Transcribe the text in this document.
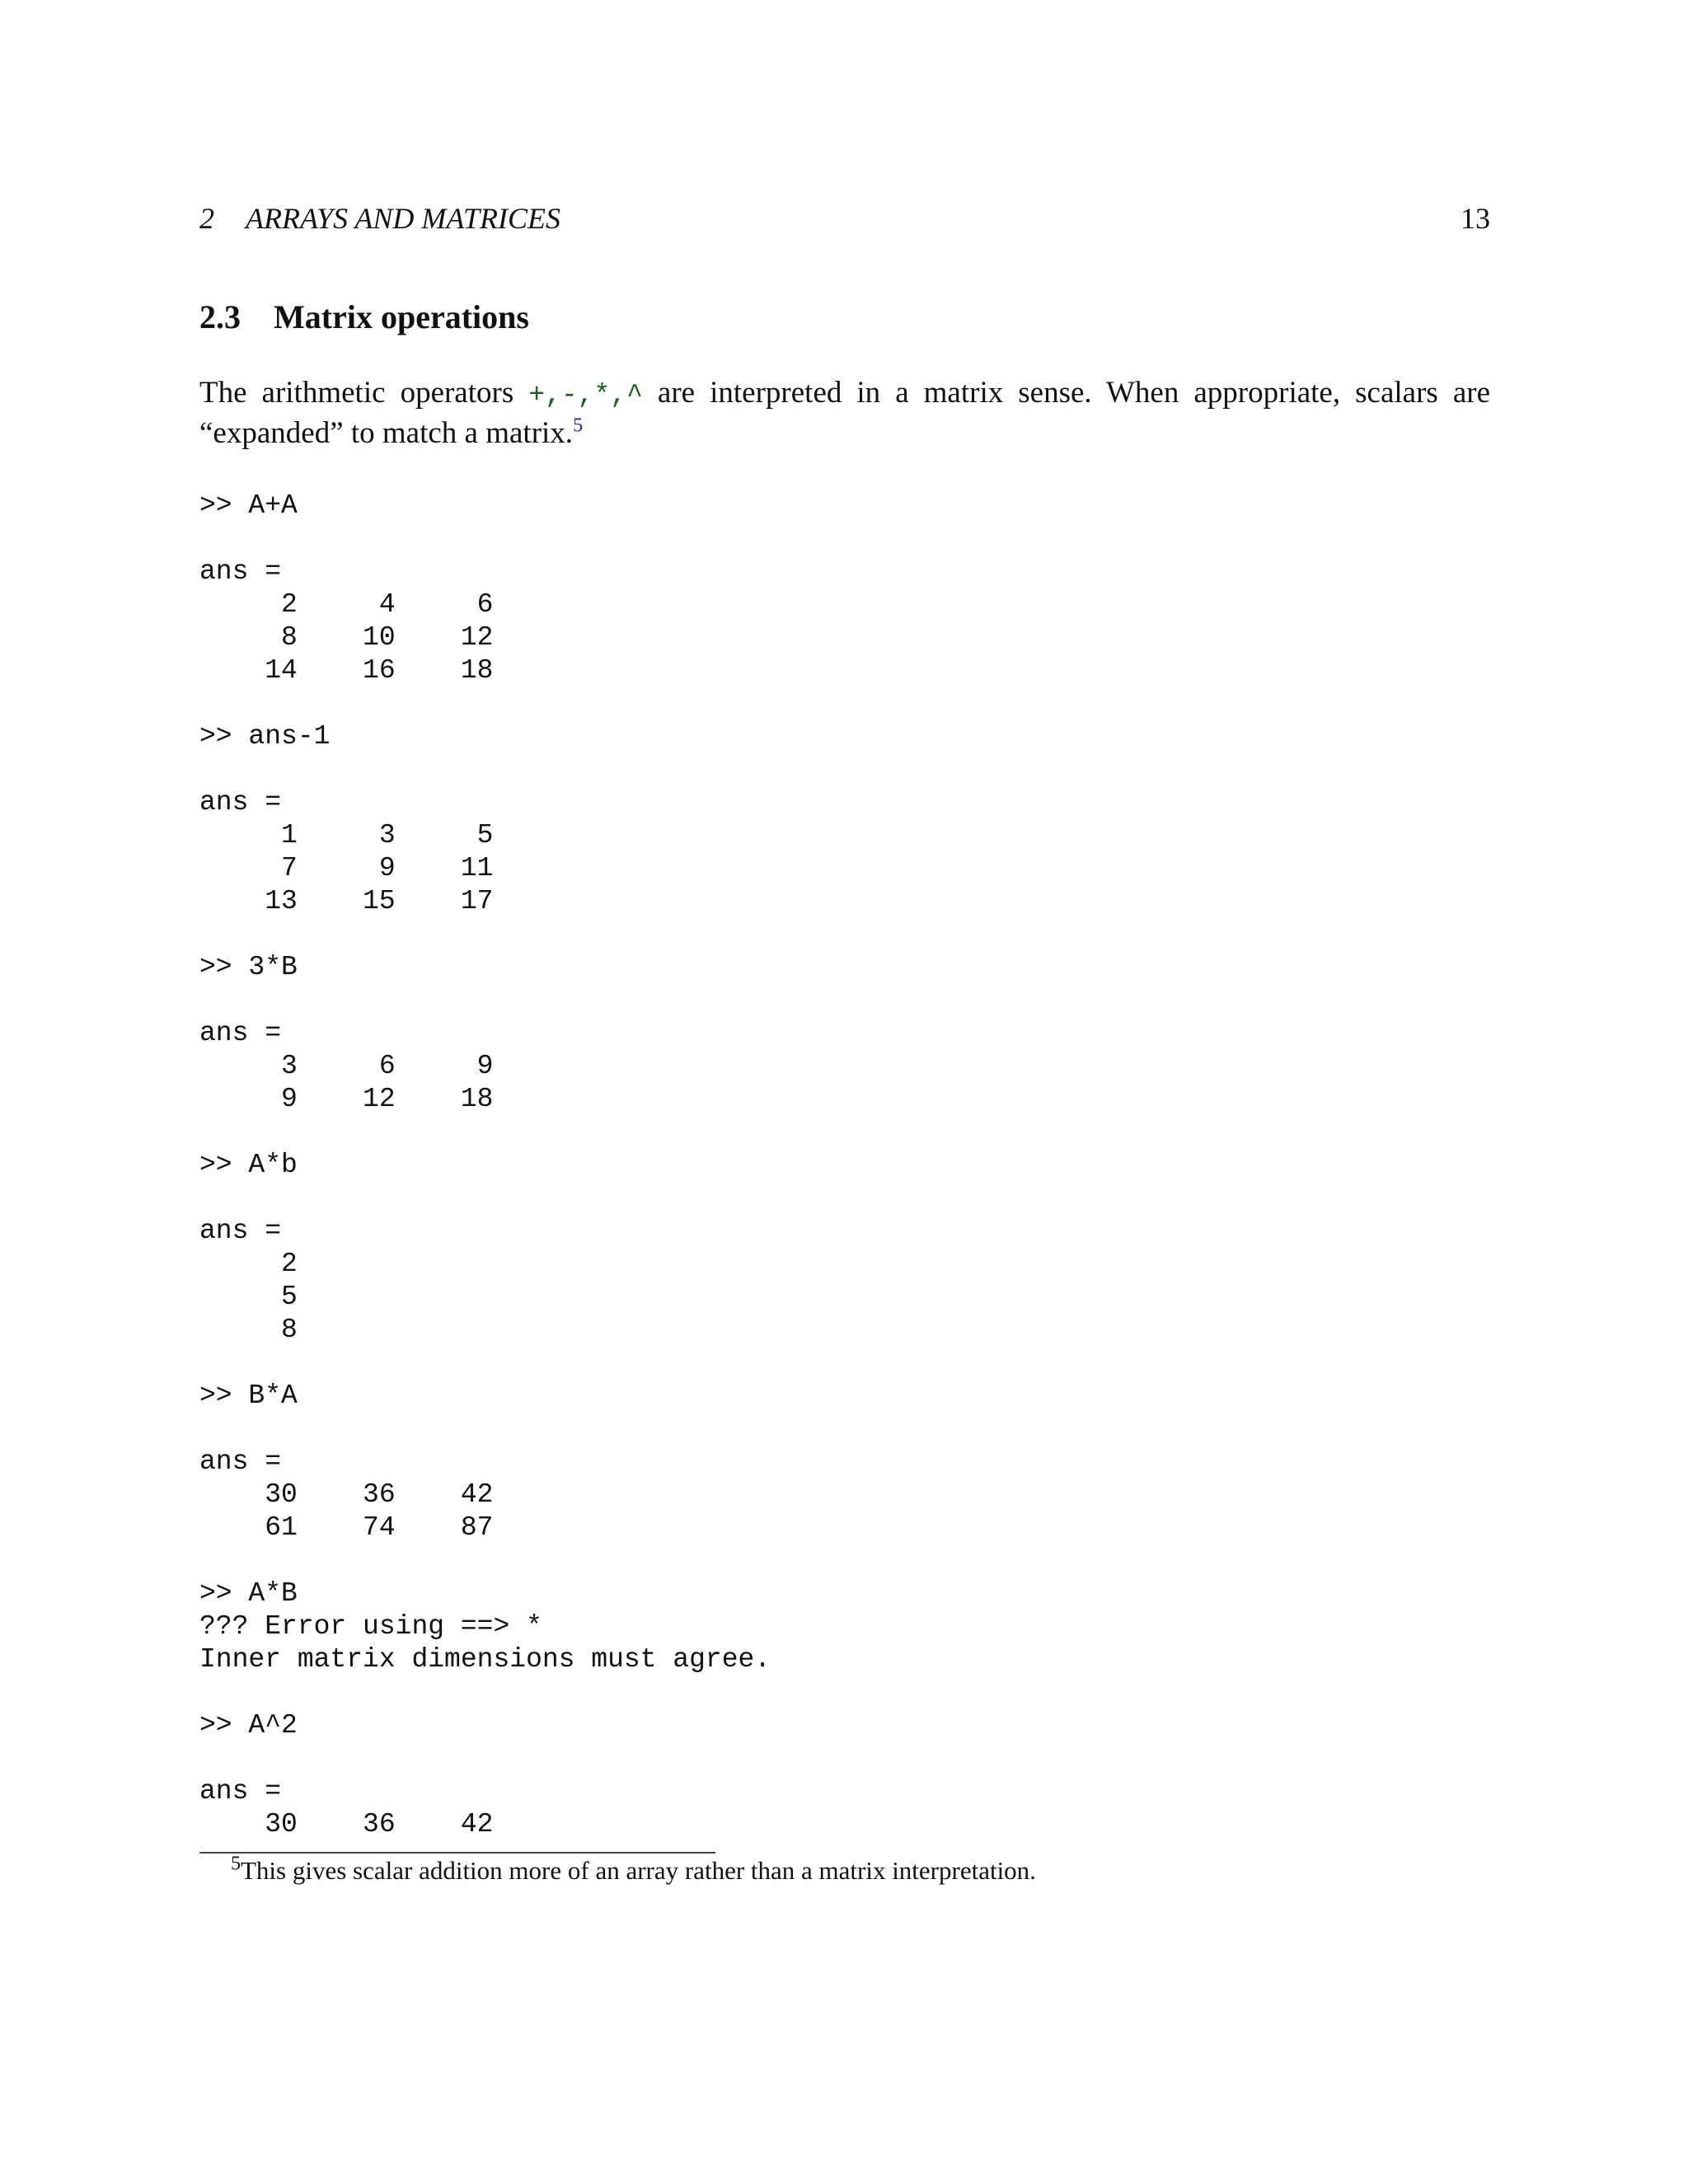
2 ARRAYS AND MATRICES	13
2.3 Matrix operations
The arithmetic operators +,-,*,^ are interpreted in a matrix sense. When appropriate, scalars are “expanded” to match a matrix.$^5$
>> A+A
ans =
2     4     6
8    10    12
14    16    18
>> ans-1
ans =
1     3     5
7     9    11
13    15    17
>> 3*B
ans =
3     6     9
9    12    18
>> A*b
ans =
2
5
8
>> B*A
ans =
30    36    42
61    74    87
>> A*B
??? Error using ==> *
Inner matrix dimensions must agree.
>> A^2
ans =
30    36    42
$^5$This gives scalar addition more of an array rather than a matrix interpretation.
